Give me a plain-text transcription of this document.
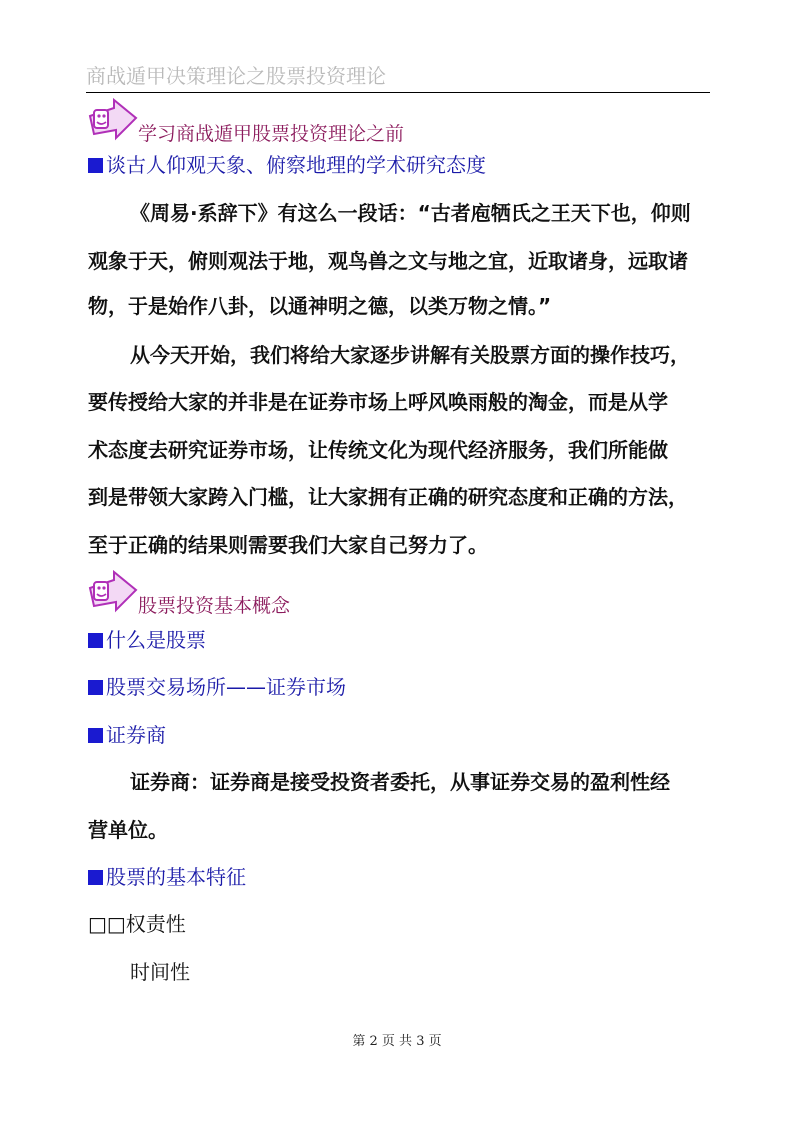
商战遁甲决策理论之股票投资理论
学习商战遁甲股票投资理论之前
谈古人仰观天象、俯察地理的学术研究态度
《周易·系辞下》有这么一段话：“古者庖牺氏之王天下也，仰则
观象于天，俯则观法于地，观鸟兽之文与地之宜，近取诸身，远取诸
物，于是始作八卦，以通神明之德，以类万物之情。”
从今天开始，我们将给大家逐步讲解有关股票方面的操作技巧，
要传授给大家的并非是在证券市场上呼风唤雨般的淘金，而是从学
术态度去研究证券市场，让传统文化为现代经济服务，我们所能做
到是带领大家跨入门槛，让大家拥有正确的研究态度和正确的方法，
至于正确的结果则需要我们大家自己努力了。
股票投资基本概念
什么是股票
股票交易场所——证券市场
证券商
证券商：证券商是接受投资者委托，从事证券交易的盈利性经
营单位。
股票的基本特征
□□权责性
时间性
第 2 页 共 3 页
